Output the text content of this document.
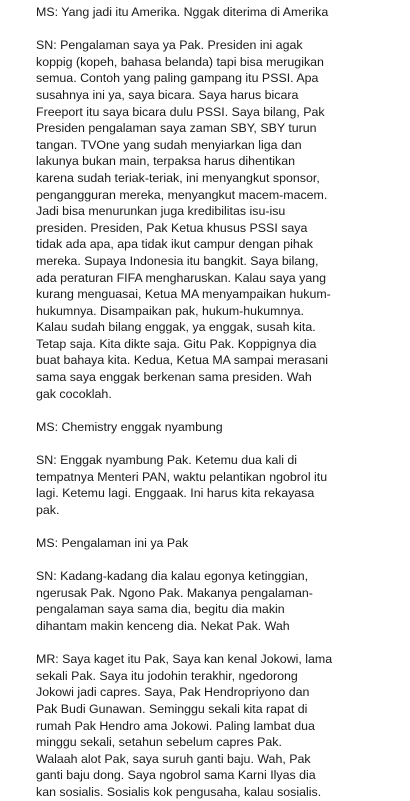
MS: Yang jadi itu Amerika. Nggak diterima di Amerika

SN: Pengalaman saya ya Pak. Presiden ini agak
koppig (kopeh, bahasa belanda) tapi bisa merugikan
semua. Contoh yang paling gampang itu PSSI. Apa
susahnya ini ya, saya bicara. Saya harus bicara
Freeport itu saya bicara dulu PSSI. Saya bilang, Pak
Presiden pengalaman saya zaman SBY, SBY turun
tangan. TVOne yang sudah menyiarkan liga dan
lakunya bukan main, terpaksa harus dihentikan
karena sudah teriak-teriak, ini menyangkut sponsor,
pengangguran mereka, menyangkut macem-macem.
Jadi bisa menurunkan juga kredibilitas isu-isu
presiden. Presiden, Pak Ketua khusus PSSI saya
tidak ada apa, apa tidak ikut campur dengan pihak
mereka. Supaya Indonesia itu bangkit. Saya bilang,
ada peraturan FIFA mengharuskan. Kalau saya yang
kurang menguasai, Ketua MA menyampaikan hukum-
hukumnya. Disampaikan pak, hukum-hukumnya.
Kalau sudah bilang enggak, ya enggak, susah kita.
Tetap saja. Kita dikte saja. Gitu Pak. Koppignya dia
buat bahaya kita. Kedua, Ketua MA sampai merasani
sama saya enggak berkenan sama presiden. Wah
gak cocoklah.

MS: Chemistry enggak nyambung

SN: Enggak nyambung Pak. Ketemu dua kali di
tempatnya Menteri PAN, waktu pelantikan ngobrol itu
lagi. Ketemu lagi. Enggaak. Ini harus kita rekayasa
pak.

MS: Pengalaman ini ya Pak

SN: Kadang-kadang dia kalau egonya ketinggian,
ngerusak Pak. Ngono Pak. Makanya pengalaman-
pengalaman saya sama dia, begitu dia makin
dihantam makin kenceng dia. Nekat Pak. Wah

MR: Saya kaget itu Pak, Saya kan kenal Jokowi, lama
sekali Pak. Saya itu jodohin terakhir, ngedorong
Jokowi jadi capres. Saya, Pak Hendropriyono dan
Pak Budi Gunawan. Seminggu sekali kita rapat di
rumah Pak Hendro ama Jokowi. Paling lambat dua
minggu sekali, setahun sebelum capres Pak.
Walaah alot Pak, saya suruh ganti baju. Wah, Pak
ganti baju dong. Saya ngobrol sama Karni Ilyas dia
kan sosialis. Sosialis kok pengusaha, kalau sosialis.
